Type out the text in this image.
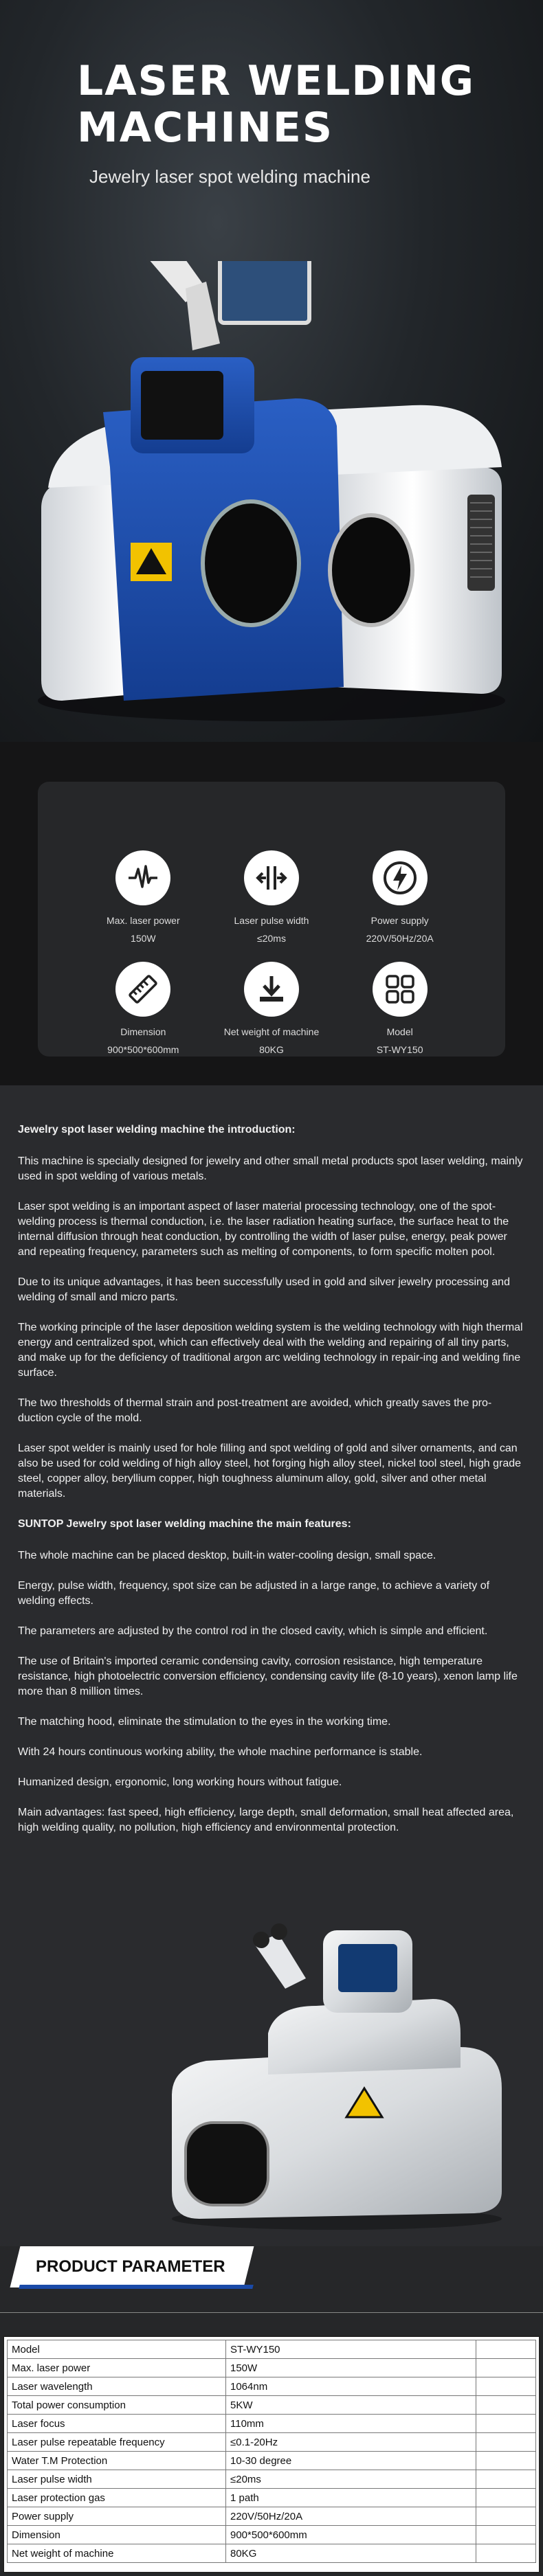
LASER WELDING
MACHINES
Jewelry laser spot welding machine
Max. laser power
150W
Laser pulse width
≤20ms
Power supply
220V/50Hz/20A
Dimension
900*500*600mm
Net weight of machine
80KG
Model
ST-WY150

Jewelry spot laser welding machine the introduction:

This machine is specially designed for jewelry and other small metal products spot laser welding, mainly used in spot welding of various metals.

Laser spot welding is an important aspect of laser material processing technology, one of the spot-welding process is thermal conduction, i.e. the laser radiation heating surface, the surface heat to the internal diffusion through heat conduction, by controlling the width of laser pulse, energy, peak power and repeating frequency, parameters such as melting of components, to form specific molten pool.

Due to its unique advantages, it has been successfully used in gold and silver jewelry processing and welding of small and micro parts.

The working principle of the laser deposition welding system is the welding technology with high thermal energy and centralized spot, which can effectively deal with the welding and repairing of all tiny parts, and make up for the deficiency of traditional argon arc welding technology in repair-ing and welding fine surface.

The two thresholds of thermal strain and post-treatment are avoided, which greatly saves the pro-duction cycle of the mold.

Laser spot welder is mainly used for hole filling and spot welding of gold and silver ornaments, and can also be used for cold welding of high alloy steel, hot forging high alloy steel, nickel tool steel, high grade steel, copper alloy, beryllium copper, high toughness aluminum alloy, gold, silver and other metal materials.

SUNTOP Jewelry spot laser welding machine the main features:

The whole machine can be placed desktop, built-in water-cooling design, small space.

Energy, pulse width, frequency, spot size can be adjusted in a large range, to achieve a variety of welding effects.

The parameters are adjusted by the control rod in the closed cavity, which is simple and efficient.

The use of Britain's imported ceramic condensing cavity, corrosion resistance, high temperature resistance, high photoelectric conversion efficiency, condensing cavity life (8-10 years), xenon lamp life more than 8 million times.

The matching hood, eliminate the stimulation to the eyes in the working time.

With 24 hours continuous working ability, the whole machine performance is stable.

Humanized design, ergonomic, long working hours without fatigue.

Main advantages: fast speed, high efficiency, large depth, small deformation, small heat affected area, high welding quality, no pollution, high efficiency and environmental protection.

PRODUCT PARAMETER
Model	ST-WY150	
Max. laser power	150W	
Laser wavelength	1064nm	
Total power consumption	5KW	
Laser focus	110mm	
Laser pulse repeatable frequency	≤0.1-20Hz	
Water T.M Protection	10-30 degree	
Laser pulse width	≤20ms	
Laser protection gas	1 path	
Power supply	220V/50Hz/20A	
Dimension	900*500*600mm	
Net weight of machine	80KG	
